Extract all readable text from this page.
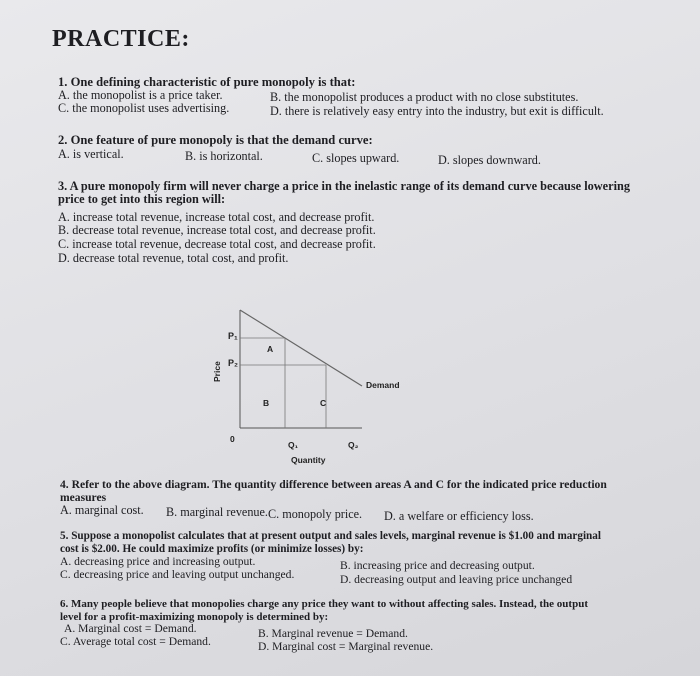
PRACTICE:
1. One defining characteristic of pure monopoly is that:
A. the monopolist is a price taker.	B. the monopolist produces a product with no close substitutes.
C. the monopolist uses advertising.	D. there is relatively easy entry into the industry, but exit is difficult.
2. One feature of pure monopoly is that the demand curve:
A. is vertical.	B. is horizontal.	C. slopes upward.	D. slopes downward.
3. A pure monopoly firm will never charge a price in the inelastic range of its demand curve because lowering
price to get into this region will:
A. increase total revenue, increase total cost, and decrease profit.
B. decrease total revenue, increase total cost, and decrease profit.
C. increase total revenue, decrease total cost, and decrease profit.
D. decrease total revenue, total cost, and profit.
P₁
P₂
Price
A
B	C
Demand
0
Q₁	Q₂
Quantity
4. Refer to the above diagram. The quantity difference between areas A and C for the indicated price reduction
measures
A. marginal cost. B. marginal revenue. C. monopoly price. D. a welfare or efficiency loss.
5. Suppose a monopolist calculates that at present output and sales levels, marginal revenue is $1.00 and marginal
cost is $2.00. He could maximize profits (or minimize losses) by:
A. decreasing price and increasing output.	B. increasing price and decreasing output.
C. decreasing price and leaving output unchanged.	D. decreasing output and leaving price unchanged
6. Many people believe that monopolies charge any price they want to without affecting sales. Instead, the output
level for a profit-maximizing monopoly is determined by:
A. Marginal cost = Demand.	B. Marginal revenue = Demand.
C. Average total cost = Demand.	D. Marginal cost = Marginal revenue.
